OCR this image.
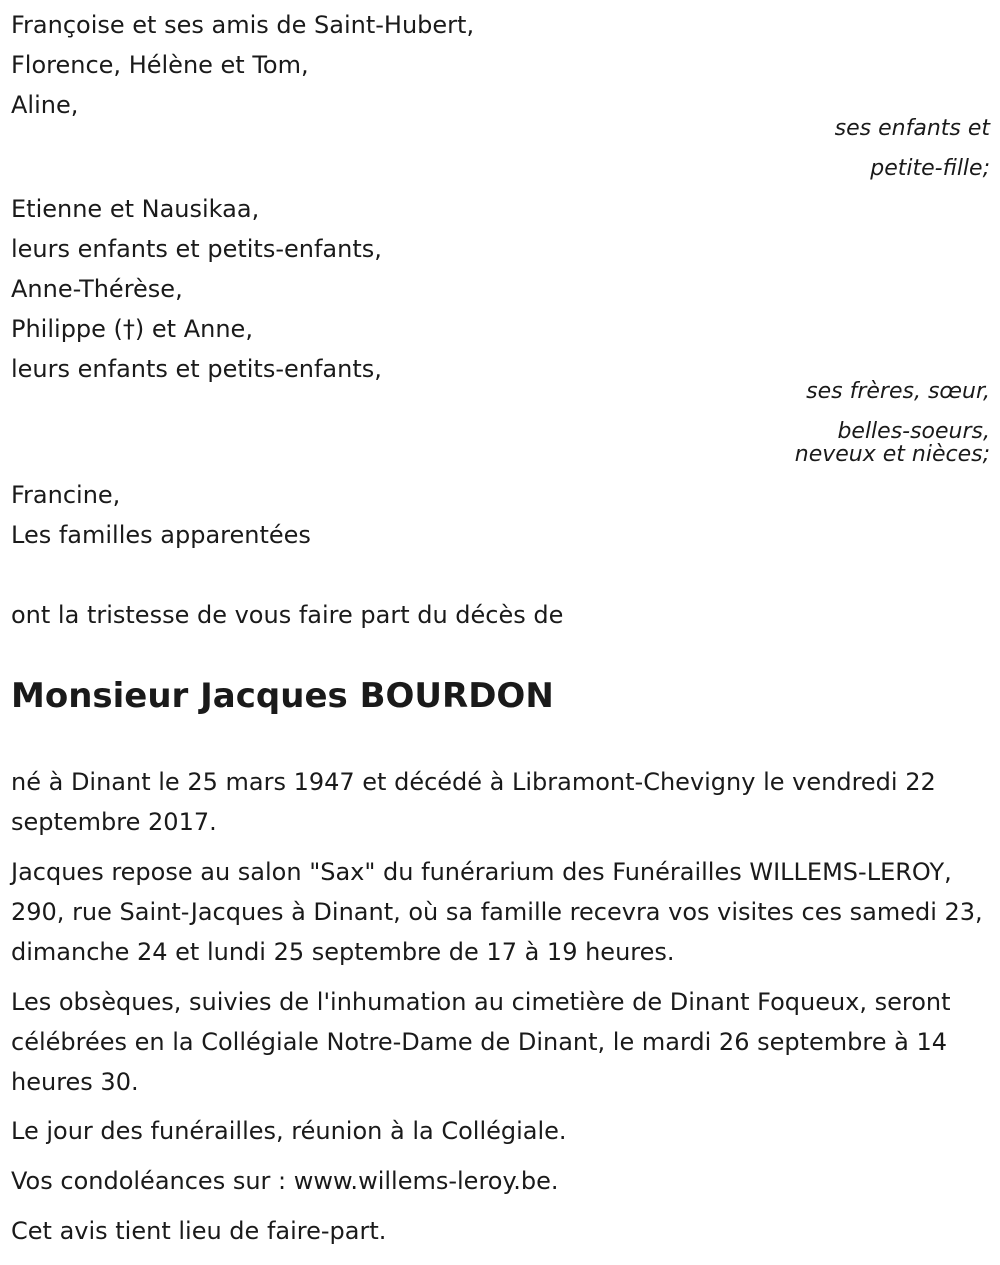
Françoise et ses amis de Saint-Hubert,
Florence, Hélène et Tom,
Aline,
ses enfants et
petite-fille;
Etienne et Nausikaa,
leurs enfants et petits-enfants,
Anne-Thérèse,
Philippe (†) et Anne,
leurs enfants et petits-enfants,
ses frères, sœur,
belles-soeurs,
neveux et nièces;
Francine,
Les familles apparentées
ont la tristesse de vous faire part du décès de
Monsieur Jacques BOURDON
né à Dinant le 25 mars 1947 et décédé à Libramont-Chevigny le vendredi 22 septembre 2017.
Jacques repose au salon "Sax" du funérarium des Funérailles WILLEMS-LEROY, 290, rue Saint-Jacques à Dinant, où sa famille recevra vos visites ces samedi 23, dimanche 24 et lundi 25 septembre de 17 à 19 heures.
Les obsèques, suivies de l'inhumation au cimetière de Dinant Foqueux, seront célébrées en la Collégiale Notre-Dame de Dinant, le mardi 26 septembre à 14 heures 30.
Le jour des funérailles, réunion à la Collégiale.
Vos condoléances sur : www.willems-leroy.be.
Cet avis tient lieu de faire-part.
